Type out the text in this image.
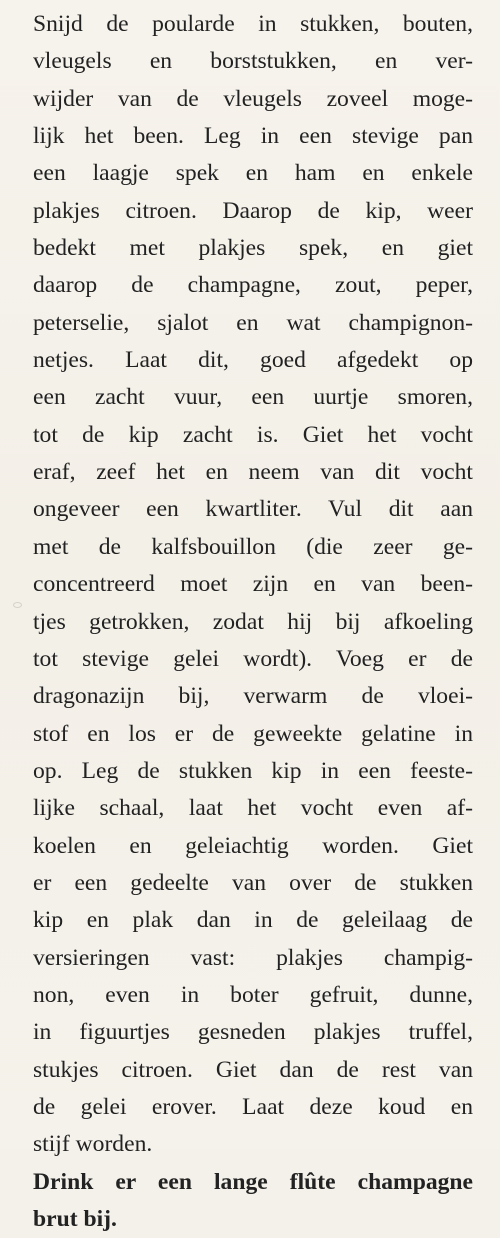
Snijd de poularde in stukken, bouten,
vleugels en borststukken, en ver-
wijder van de vleugels zoveel moge-
lijk het been. Leg in een stevige pan
een laagje spek en ham en enkele
plakjes citroen. Daarop de kip, weer
bedekt met plakjes spek, en giet
daarop de champagne, zout, peper,
peterselie, sjalot en wat champignon-
netjes. Laat dit, goed afgedekt op
een zacht vuur, een uurtje smoren,
tot de kip zacht is. Giet het vocht
eraf, zeef het en neem van dit vocht
ongeveer een kwartliter. Vul dit aan
met de kalfsbouillon (die zeer ge-
concentreerd moet zijn en van been-
tjes getrokken, zodat hij bij afkoeling
tot stevige gelei wordt). Voeg er de
dragonazijn bij, verwarm de vloei-
stof en los er de geweekte gelatine in
op. Leg de stukken kip in een feeste-
lijke schaal, laat het vocht even af-
koelen en geleiachtig worden. Giet
er een gedeelte van over de stukken
kip en plak dan in de geleilaag de
versieringen vast: plakjes champig-
non, even in boter gefruit, dunne,
in figuurtjes gesneden plakjes truffel,
stukjes citroen. Giet dan de rest van
de gelei erover. Laat deze koud en
stijf worden.
Drink er een lange flûte champagne
brut bij.
